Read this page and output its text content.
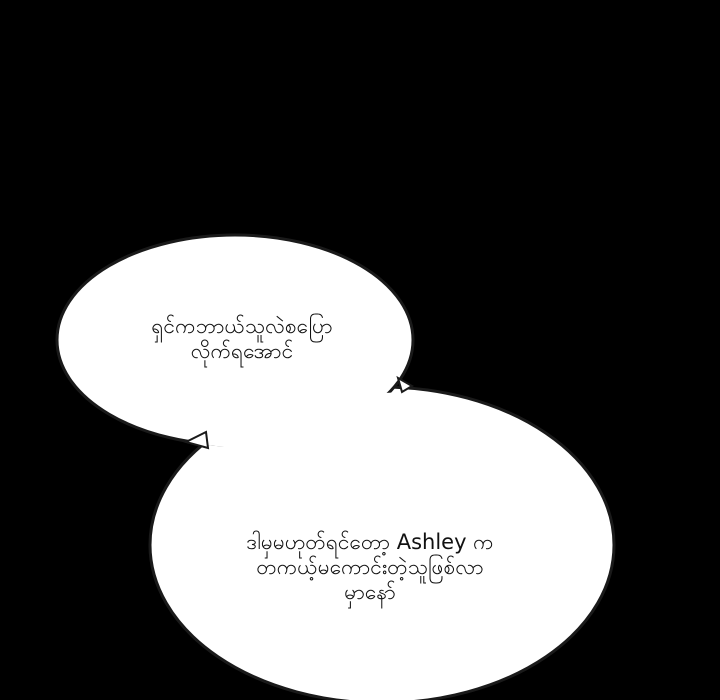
ရှင်ကဘာယ်သူလဲစပြော
လိုက်ရအောင်
ဒါမှမဟုတ်ရင်တော့ Ashley က
တကယ့်မကောင်းတဲ့သူဖြစ်လာ
မှာနော်
